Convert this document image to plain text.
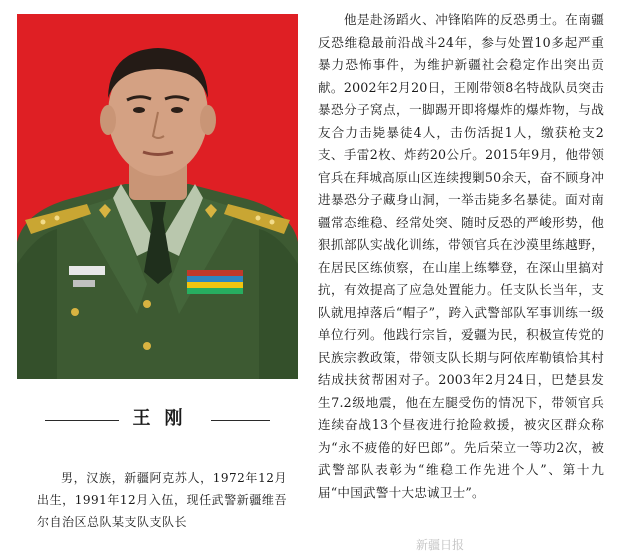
王刚
男，汉族，新疆阿克苏人，1972年12月出生，1991年12月入伍，现任武警新疆维吾尔自治区总队某支队支队长
他是赴汤蹈火、冲锋陷阵的反恐勇士。在南疆反恐维稳最前沿战斗24年，参与处置10多起严重暴力恐怖事件，为维护新疆社会稳定作出突出贡献。2002年2月20日，王刚带领8名特战队员突击暴恐分子窝点，一脚踢开即将爆炸的爆炸物，与战友合力击毙暴徒4人，击伤活捉1人，缴获枪支2支、手雷2枚、炸药20公斤。2015年9月，他带领官兵在拜城高原山区连续搜剿50余天，奋不顾身冲进暴恐分子藏身山洞，一举击毙多名暴徒。面对南疆常态维稳、经常处突、随时反恐的严峻形势，他狠抓部队实战化训练，带领官兵在沙漠里练越野，在居民区练侦察，在山崖上练攀登，在深山里搞对抗，有效提高了应急处置能力。任支队长当年，支队就甩掉落后“帽子”，跨入武警部队军事训练一级单位行列。他践行宗旨，爱疆为民，积极宣传党的民族宗教政策，带领支队长期与阿依库勒镇恰其村结成扶贫帮困对子。2003年2月24日，巴楚县发生7.2级地震，他在左腿受伤的情况下，带领官兵连续奋战13个昼夜进行抢险救援，被灾区群众称为“永不疲倦的好巴郎”。先后荣立一等功2次，被武警部队表彰为“维稳工作先进个人”、第十九届“中国武警十大忠诚卫士”。
新疆日报
